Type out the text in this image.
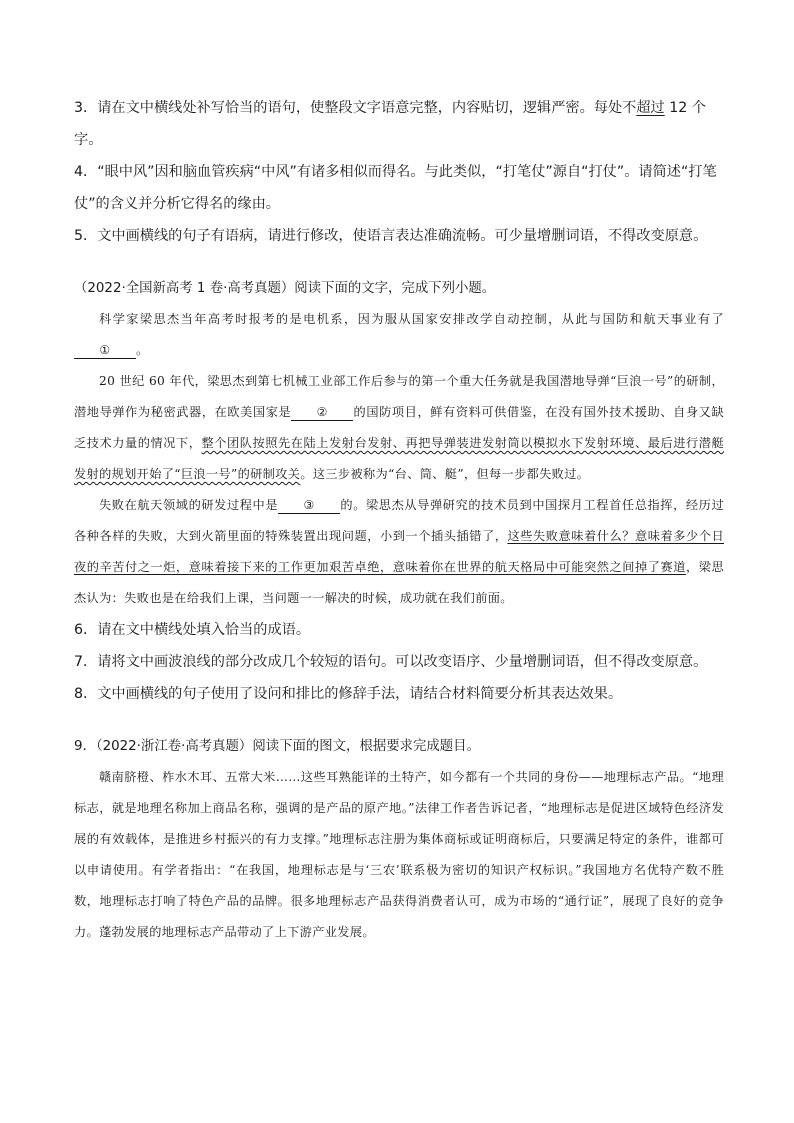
3．请在文中横线处补写恰当的语句，使整段文字语意完整，内容贴切，逻辑严密。每处不超过 12 个字。

4．“眼中风”因和脑血管疾病“中风”有诸多相似而得名。与此类似，“打笔仗”源自“打仗”。请简述“打笔仗”的含义并分析它得名的缘由。

5．文中画横线的句子有语病，请进行修改，使语言表达准确流畅。可少量增删词语，不得改变原意。

（2022·全国新高考 1 卷·高考真题）阅读下面的文字，完成下列小题。

科学家梁思杰当年高考时报考的是电机系，因为服从国家安排改学自动控制，从此与国防和航天事业有了① 。

20 世纪 60 年代，梁思杰到第七机械工业部工作后参与的第一个重大任务就是我国潜地导弹“巨浪一号”的研制，潜地导弹作为秘密武器，在欧美国家是 ② 的国防项目，鲜有资料可供借鉴，在没有国外技术援助、自身又缺乏技术力量的情况下，整个团队按照先在陆上发射台发射、再把导弹装进发射筒以模拟水下发射环境、最后进行潜艇发射的规划开始了“巨浪一号”的研制攻关。这三步被称为“台、筒、艇”，但每一步都失败过。

失败在航天领域的研发过程中是 ③ 的。梁思杰从导弹研究的技术员到中国探月工程首任总指挥，经历过各种各样的失败，大到火箭里面的特殊装置出现问题，小到一个插头插错了，这些失败意味着什么？意味着多少个日夜的辛苦付之一炬，意味着接下来的工作更加艰苦卓绝，意味着你在世界的航天格局中可能突然之间掉了赛道，梁思杰认为：失败也是在给我们上课，当问题一一解决的时候，成功就在我们前面。

6．请在文中横线处填入恰当的成语。

7．请将文中画波浪线的部分改成几个较短的语句。可以改变语序、少量增删词语，但不得改变原意。

8．文中画横线的句子使用了设问和排比的修辞手法，请结合材料简要分析其表达效果。

9．（2022·浙江卷·高考真题）阅读下面的图文，根据要求完成题目。

赣南脐橙、柞水木耳、五常大米……这些耳熟能详的土特产，如今都有一个共同的身份——地理标志产品。“地理标志，就是地理名称加上商品名称，强调的是产品的原产地。”法律工作者告诉记者，“地理标志是促进区域特色经济发展的有效载体，是推进乡村振兴的有力支撑。”地理标志注册为集体商标或证明商标后，只要满足特定的条件，谁都可以申请使用。有学者指出：“在我国，地理标志是与‘三农’联系极为密切的知识产权标识。”我国地方名优特产数不胜数，地理标志打响了特色产品的品牌。很多地理标志产品获得消费者认可，成为市场的“通行证”，展现了良好的竞争力。蓬勃发展的地理标志产品带动了上下游产业发展。
